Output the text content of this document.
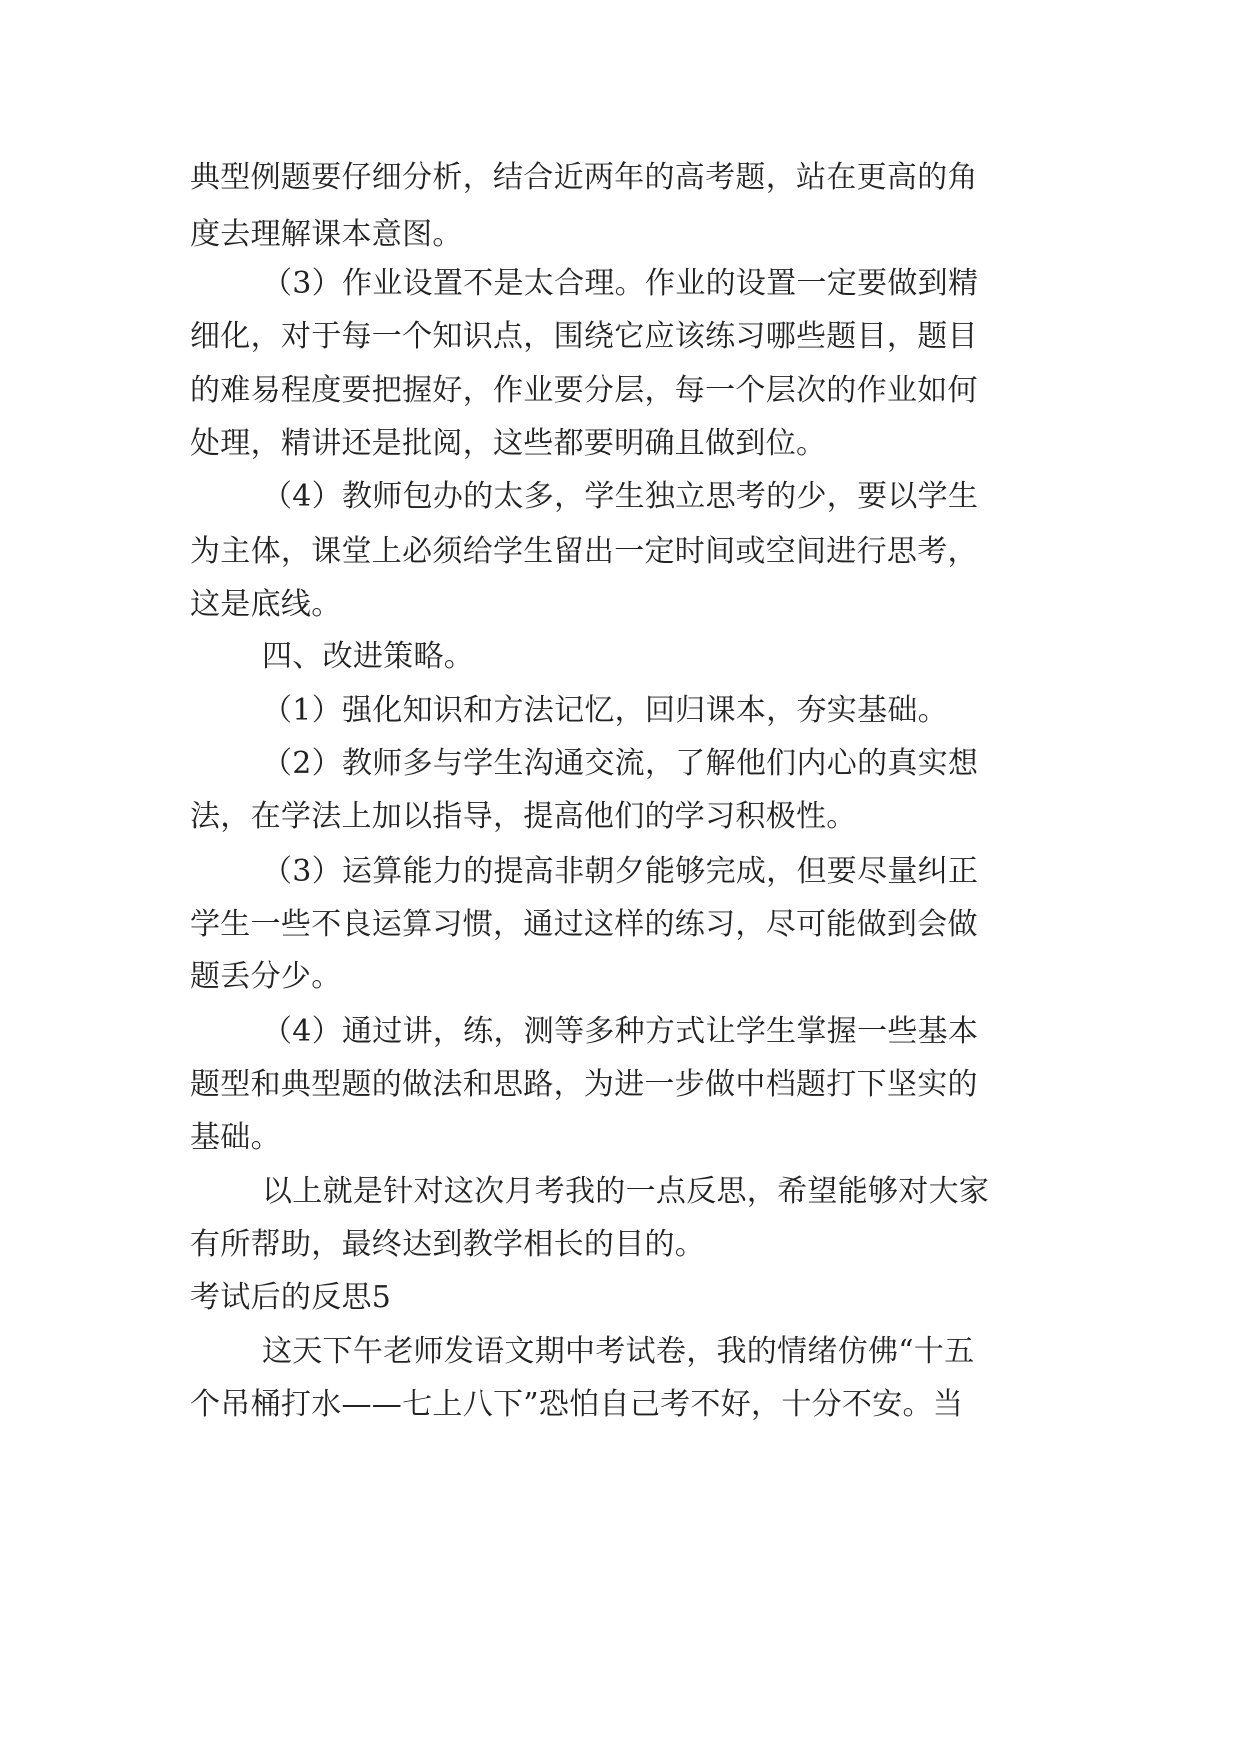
典型例题要仔细分析，结合近两年的高考题，站在更高的角
度去理解课本意图。
（3）作业设置不是太合理。作业的设置一定要做到精
细化，对于每一个知识点，围绕它应该练习哪些题目，题目
的难易程度要把握好，作业要分层，每一个层次的作业如何
处理，精讲还是批阅，这些都要明确且做到位。
（4）教师包办的太多，学生独立思考的少，要以学生
为主体，课堂上必须给学生留出一定时间或空间进行思考，
这是底线。
四、改进策略。
（1）强化知识和方法记忆，回归课本，夯实基础。
（2）教师多与学生沟通交流，了解他们内心的真实想
法，在学法上加以指导，提高他们的学习积极性。
（3）运算能力的提高非朝夕能够完成，但要尽量纠正
学生一些不良运算习惯，通过这样的练习，尽可能做到会做
题丢分少。
（4）通过讲，练，测等多种方式让学生掌握一些基本
题型和典型题的做法和思路，为进一步做中档题打下坚实的
基础。
以上就是针对这次月考我的一点反思，希望能够对大家
有所帮助，最终达到教学相长的目的。
考试后的反思5
这天下午老师发语文期中考试卷，我的情绪仿佛“十五
个吊桶打水——七上八下”恐怕自己考不好，十分不安。当
